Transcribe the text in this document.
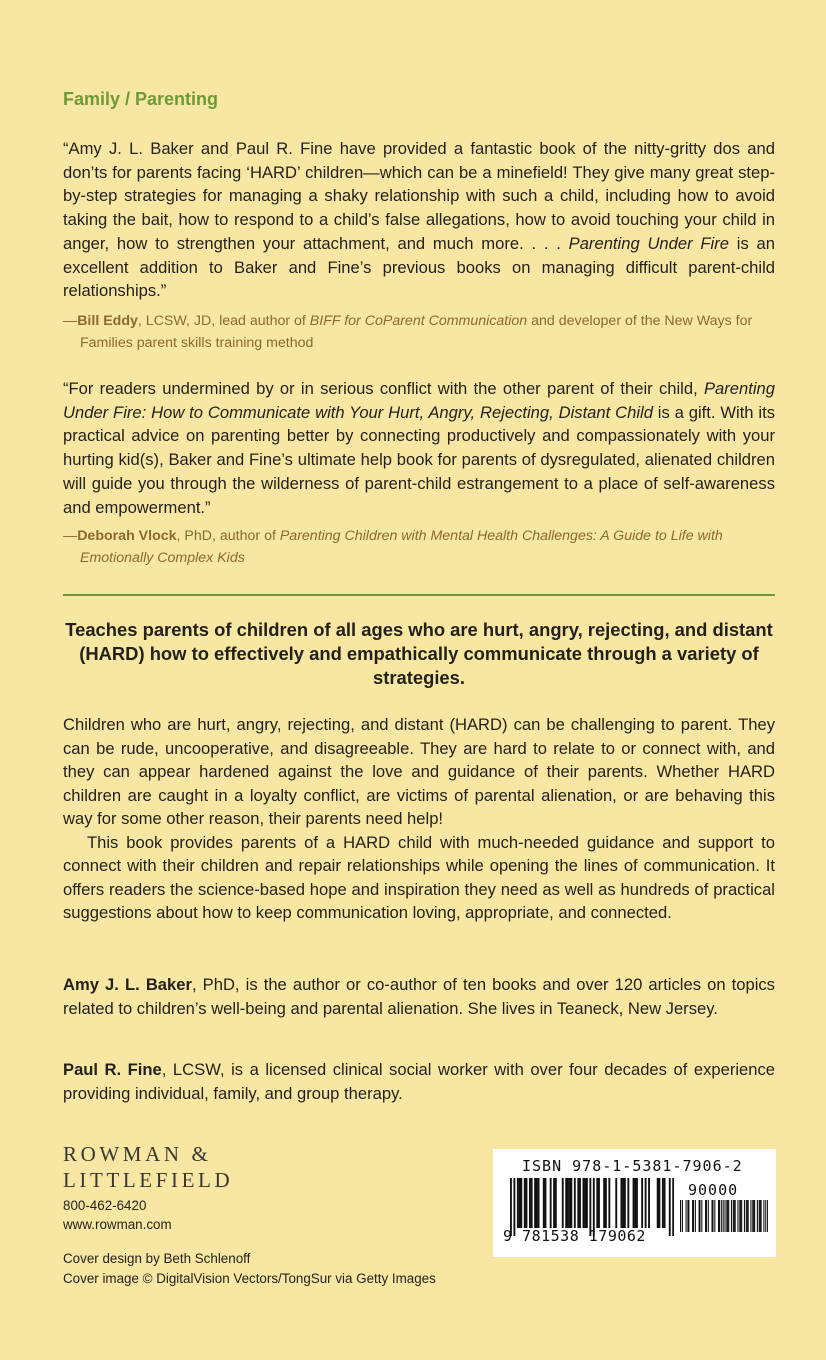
Family / Parenting
“Amy J. L. Baker and Paul R. Fine have provided a fantastic book of the nitty-gritty dos and don’ts for parents facing ‘HARD’ children—which can be a minefield! They give many great step-by-step strategies for managing a shaky relationship with such a child, including how to avoid taking the bait, how to respond to a child’s false allegations, how to avoid touching your child in anger, how to strengthen your attachment, and much more. . . . Parenting Under Fire is an excellent addition to Baker and Fine’s previous books on managing difficult parent-child relationships.”
—Bill Eddy, LCSW, JD, lead author of BIFF for CoParent Communication and developer of the New Ways for Families parent skills training method
“For readers undermined by or in serious conflict with the other parent of their child, Parenting Under Fire: How to Communicate with Your Hurt, Angry, Rejecting, Distant Child is a gift. With its practical advice on parenting better by connecting productively and compassionately with your hurting kid(s), Baker and Fine’s ultimate help book for parents of dysregulated, alienated children will guide you through the wilderness of parent-child estrangement to a place of self-awareness and empowerment.”
—Deborah Vlock, PhD, author of Parenting Children with Mental Health Challenges: A Guide to Life with Emotionally Complex Kids
Teaches parents of children of all ages who are hurt, angry, rejecting, and distant (HARD) how to effectively and empathically communicate through a variety of strategies.

Children who are hurt, angry, rejecting, and distant (HARD) can be challenging to parent. They can be rude, uncooperative, and disagreeable. They are hard to relate to or connect with, and they can appear hardened against the love and guidance of their parents. Whether HARD children are caught in a loyalty conflict, are victims of parental alienation, or are behaving this way for some other reason, their parents need help!

This book provides parents of a HARD child with much-needed guidance and support to connect with their children and repair relationships while opening the lines of communication. It offers readers the science-based hope and inspiration they need as well as hundreds of practical suggestions about how to keep communication loving, appropriate, and connected.

Amy J. L. Baker, PhD, is the author or co-author of ten books and over 120 articles on topics related to children’s well-being and parental alienation. She lives in Teaneck, New Jersey.
Paul R. Fine, LCSW, is a licensed clinical social worker with over four decades of experience providing individual, family, and group therapy.
ROWMAN &
LITTLEFIELD
800-462-6420
www.rowman.com
Cover design by Beth Schlenoff
Cover image © DigitalVision Vectors/TongSur via Getty Images
ISBN 978-1-5381-7906-2
90000
9 781538 179062
